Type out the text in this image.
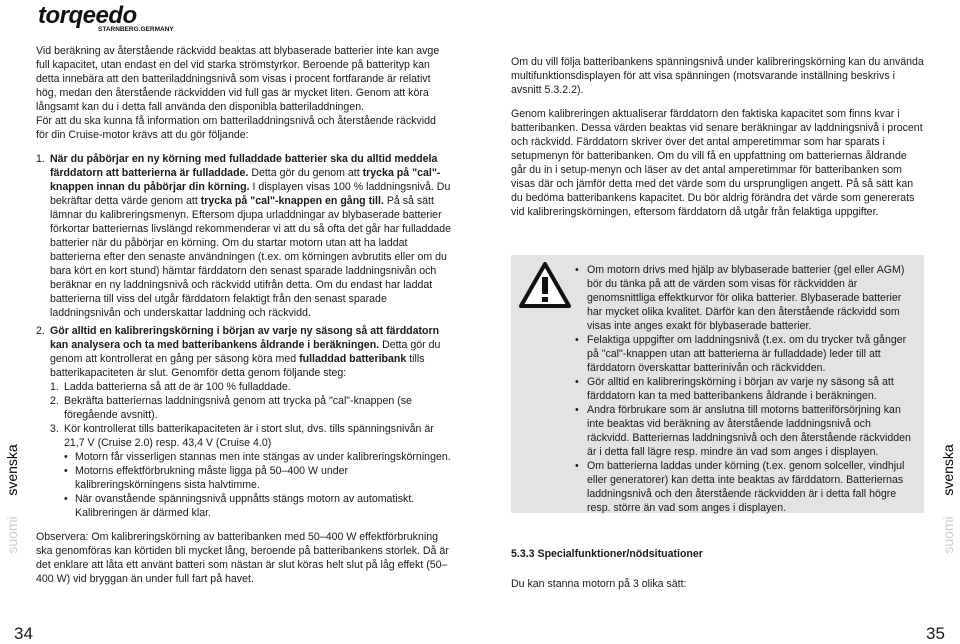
torqeedo
STARNBERG.GERMANY

Vid beräkning av återstående räckvidd beaktas att blybaserade batterier inte kan avge full kapacitet, utan endast en del vid starka strömstyrkor. Beroende på batterityp kan detta innebära att den batteriladdningsnivå som visas i procent fortfarande är relativt hög, medan den återstående räckvidden vid full gas är mycket liten. Genom att köra långsamt kan du i detta fall använda den disponibla batteriladdningen.

För att du ska kunna få information om batteriladdningsnivå och återstående räckvidd för din Cruise-motor krävs att du gör följande:

1. När du påbörjar en ny körning med fulladdade batterier ska du alltid meddela färddatorn att batterierna är fulladdade. Detta gör du genom att trycka på "cal"-knappen innan du påbörjar din körning. I displayen visas 100 % laddningsnivå. Du bekräftar detta värde genom att trycka på "cal"-knappen en gång till. På så sätt lämnar du kalibreringsmenyn. Eftersom djupa urladdningar av blybaserade batterier förkortar batteriernas livslängd rekommenderar vi att du så ofta det går har fulladdade batterier när du påbörjar en körning. Om du startar motorn utan att ha laddat batterierna efter den senaste användningen (t.ex. om körningen avbrutits eller om du bara kört en kort stund) hämtar färddatorn den senast sparade laddningsnivån och beräknar en ny laddningsnivå och räckvidd utifrån detta. Om du endast har laddat batterierna till viss del utgår färddatorn felaktigt från den senast sparade laddningsnivån och underskattar laddning och räckvidd.
2. Gör alltid en kalibreringskörning i början av varje ny säsong så att färddatorn kan analysera och ta med batteribankens åldrande i beräkningen. Detta gör du genom att kontrollerat en gång per säsong köra med fulladdad batteribank tills batterikapaciteten är slut. Genomför detta genom följande steg:
1. Ladda batterierna så att de är 100 % fulladdade.
2. Bekräfta batteriernas laddningsnivå genom att trycka på "cal"-knappen (se föregående avsnitt).
3. Kör kontrollerat tills batterikapaciteten är i stort slut, dvs. tills spänningsnivån är 21,7 V (Cruise 2.0) resp. 43,4 V (Cruise 4.0)
• Motorn får visserligen stannas men inte stängas av under kalibreringskörningen.
• Motorns effektförbrukning måste ligga på 50–400 W under kalibreringskörningens sista halvtimme.
• När ovanstående spänningsnivå uppnåtts stängs motorn av automatiskt. Kalibreringen är därmed klar.

Observera: Om kalibreringskörning av batteribanken med 50–400 W effektförbrukning ska genomföras kan körtiden bli mycket lång, beroende på batteribankens storlek. Då är det enklare att låta ett använt batteri som nästan är slut köras helt slut på låg effekt (50–400 W) vid bryggan än under full fart på havet.

Om du vill följa batteribankens spänningsnivå under kalibreringskörning kan du använda multifunktionsdisplayen för att visa spänningen (motsvarande inställning beskrivs i avsnitt 5.3.2.2).

Genom kalibreringen aktualiserar färddatorn den faktiska kapacitet som finns kvar i batteribanken. Dessa värden beaktas vid senare beräkningar av laddningsnivå i procent och räckvidd. Färddatorn skriver över det antal amperetimmar som har sparats i setupmenyn för batteribanken. Om du vill få en uppfattning om batteriernas åldrande går du in i setup-menyn och läser av det antal amperetimmar för batteribanken som visas där och jämför detta med det värde som du ursprungligen angett. På så sätt kan du bedöma batteribankens kapacitet. Du bör aldrig förändra det värde som genererats vid kalibreringskörningen, eftersom färddatorn då utgår från felaktiga uppgifter.

• Om motorn drivs med hjälp av blybaserade batterier (gel eller AGM) bör du tänka på att de värden som visas för räckvidden är genomsnittliga effektkurvor för olika batterier. Blybaserade batterier har mycket olika kvalitet. Därför kan den återstående räckvidd som visas inte anges exakt för blybaserade batterier.
• Felaktiga uppgifter om laddningsnivå (t.ex. om du trycker två gånger på "cal"-knappen utan att batterierna är fulladdade) leder till att färddatorn överskattar batterinivån och räckvidden.
• Gör alltid en kalibreringskörning i början av varje ny säsong så att färddatorn kan ta med batteribankens åldrande i beräkningen.
• Andra förbrukare som är anslutna till motorns batteriförsörjning kan inte beaktas vid beräkning av återstående laddningsnivå och räckvidd. Batteriernas laddningsnivå och den återstående räckvidden är i detta fall lägre resp. mindre än vad som anges i displayen.
• Om batterierna laddas under körning (t.ex. genom solceller, vindhjul eller generatorer) kan detta inte beaktas av färddatorn. Batteriernas laddningsnivå och den återstående räckvidden är i detta fall högre resp. större än vad som anges i displayen.
5.3.3 Specialfunktioner/nödsituationer
Du kan stanna motorn på 3 olika sätt:
svenska
suomi
svenska
suomi
34	35
